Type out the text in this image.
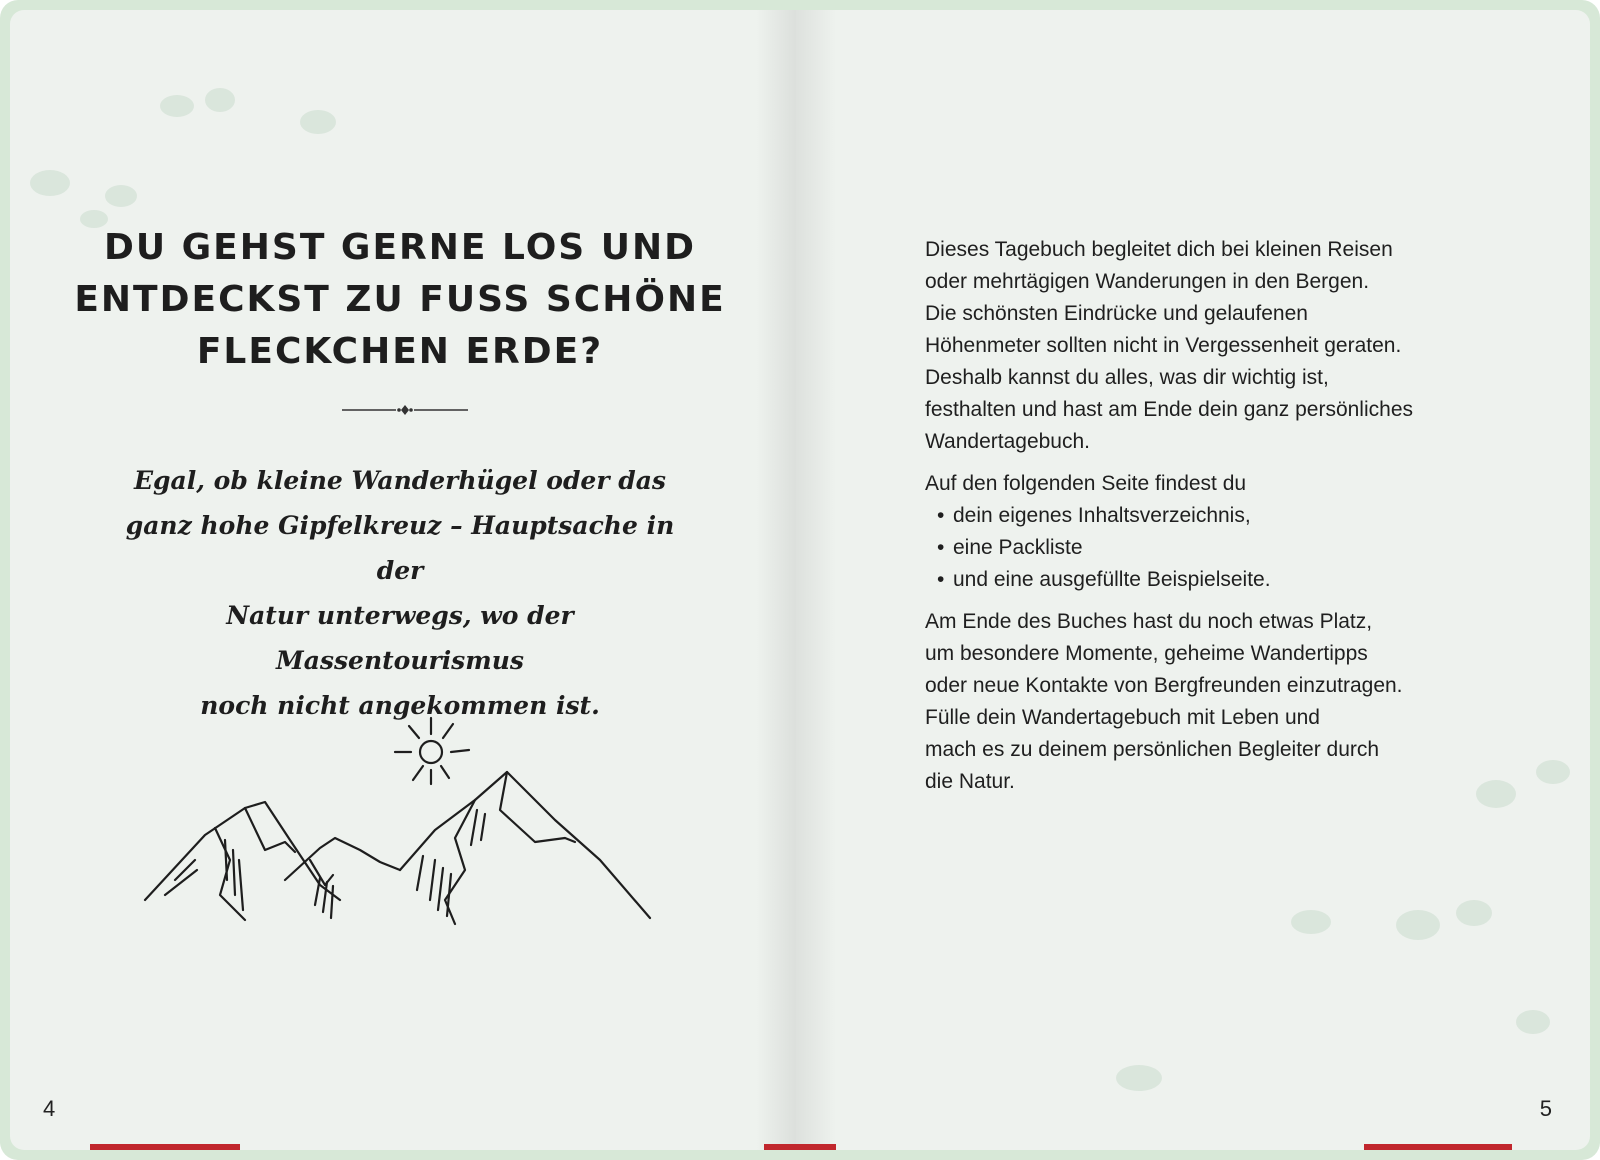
DU GEHST GERNE LOS UND
ENTDECKST ZU FUSS SCHÖNE
FLECKCHEN ERDE?
Egal, ob kleine Wanderhügel oder das
ganz hohe Gipfelkreuz – Hauptsache in der
Natur unterwegs, wo der Massentourismus
noch nicht angekommen ist.
4

Dieses Tagebuch begleitet dich bei kleinen Reisen
oder mehrtägigen Wanderungen in den Bergen.
Die schönsten Eindrücke und gelaufenen
Höhenmeter sollten nicht in Vergessenheit geraten.
Deshalb kannst du alles, was dir wichtig ist,
festhalten und hast am Ende dein ganz persönliches
Wandertagebuch.

Auf den folgenden Seite findest du

• dein eigenes Inhaltsverzeichnis,
• eine Packliste
• und eine ausgefüllte Beispielseite.

Am Ende des Buches hast du noch etwas Platz,
um besondere Momente, geheime Wandertipps
oder neue Kontakte von Bergfreunden einzutragen.
Fülle dein Wandertagebuch mit Leben und
mach es zu deinem persönlichen Begleiter durch
die Natur.

5
